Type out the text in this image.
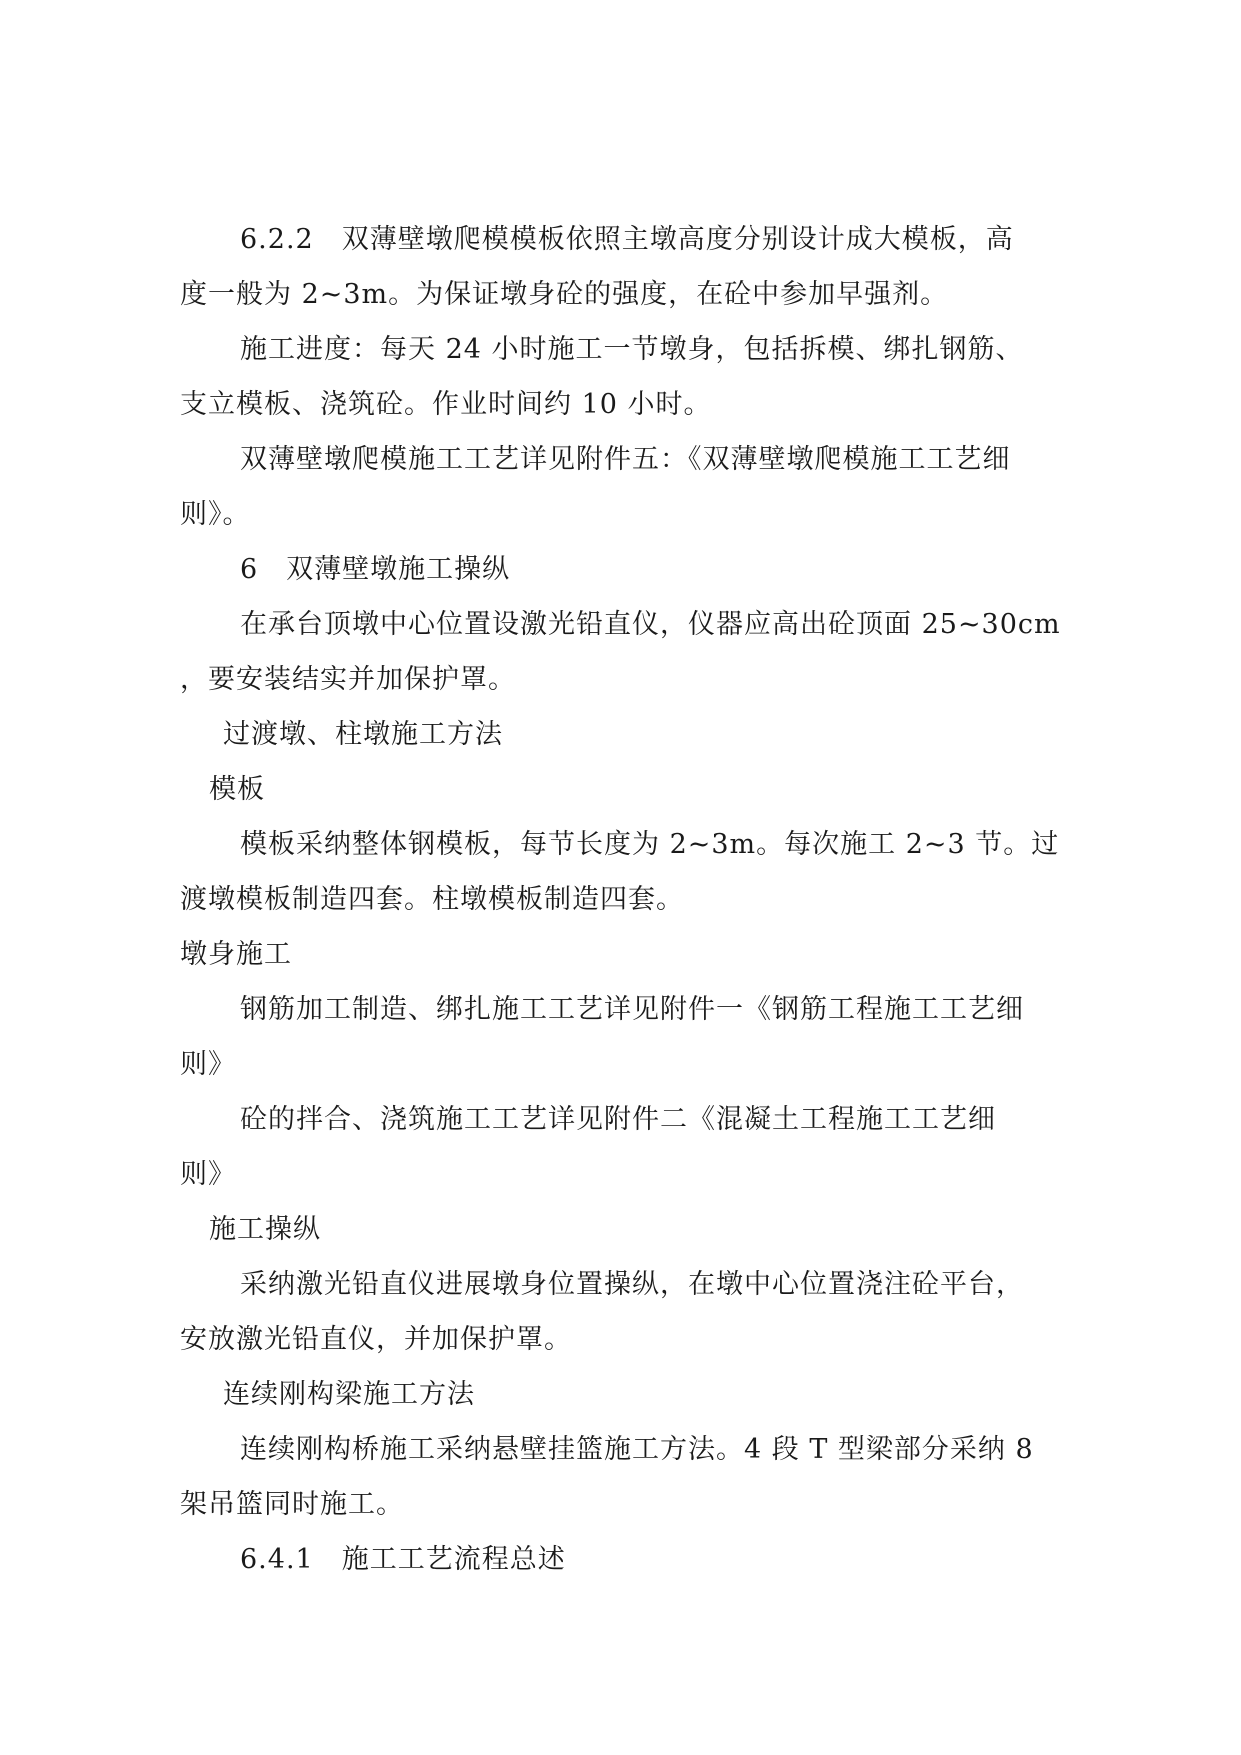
6.2.2　双薄壁墩爬模模板依照主墩高度分别设计成大模板，高
度一般为 2~3m。为保证墩身砼的强度，在砼中参加早强剂。
施工进度：每天 24 小时施工一节墩身，包括拆模、绑扎钢筋、
支立模板、浇筑砼。作业时间约 10 小时。
双薄壁墩爬模施工工艺详见附件五：《双薄壁墩爬模施工工艺细
则》。
6　双薄壁墩施工操纵
在承台顶墩中心位置设激光铅直仪，仪器应高出砼顶面 25~30cm
，要安装结实并加保护罩。
过渡墩、柱墩施工方法
模板
模板采纳整体钢模板，每节长度为 2~3m。每次施工 2~3 节。过
渡墩模板制造四套。柱墩模板制造四套。
墩身施工
钢筋加工制造、绑扎施工工艺详见附件一《钢筋工程施工工艺细
则》
砼的拌合、浇筑施工工艺详见附件二《混凝土工程施工工艺细
则》
施工操纵
采纳激光铅直仪进展墩身位置操纵，在墩中心位置浇注砼平台，
安放激光铅直仪，并加保护罩。
连续刚构梁施工方法
连续刚构桥施工采纳悬壁挂篮施工方法。4 段 T 型梁部分采纳 8
架吊篮同时施工。
6.4.1　施工工艺流程总述
